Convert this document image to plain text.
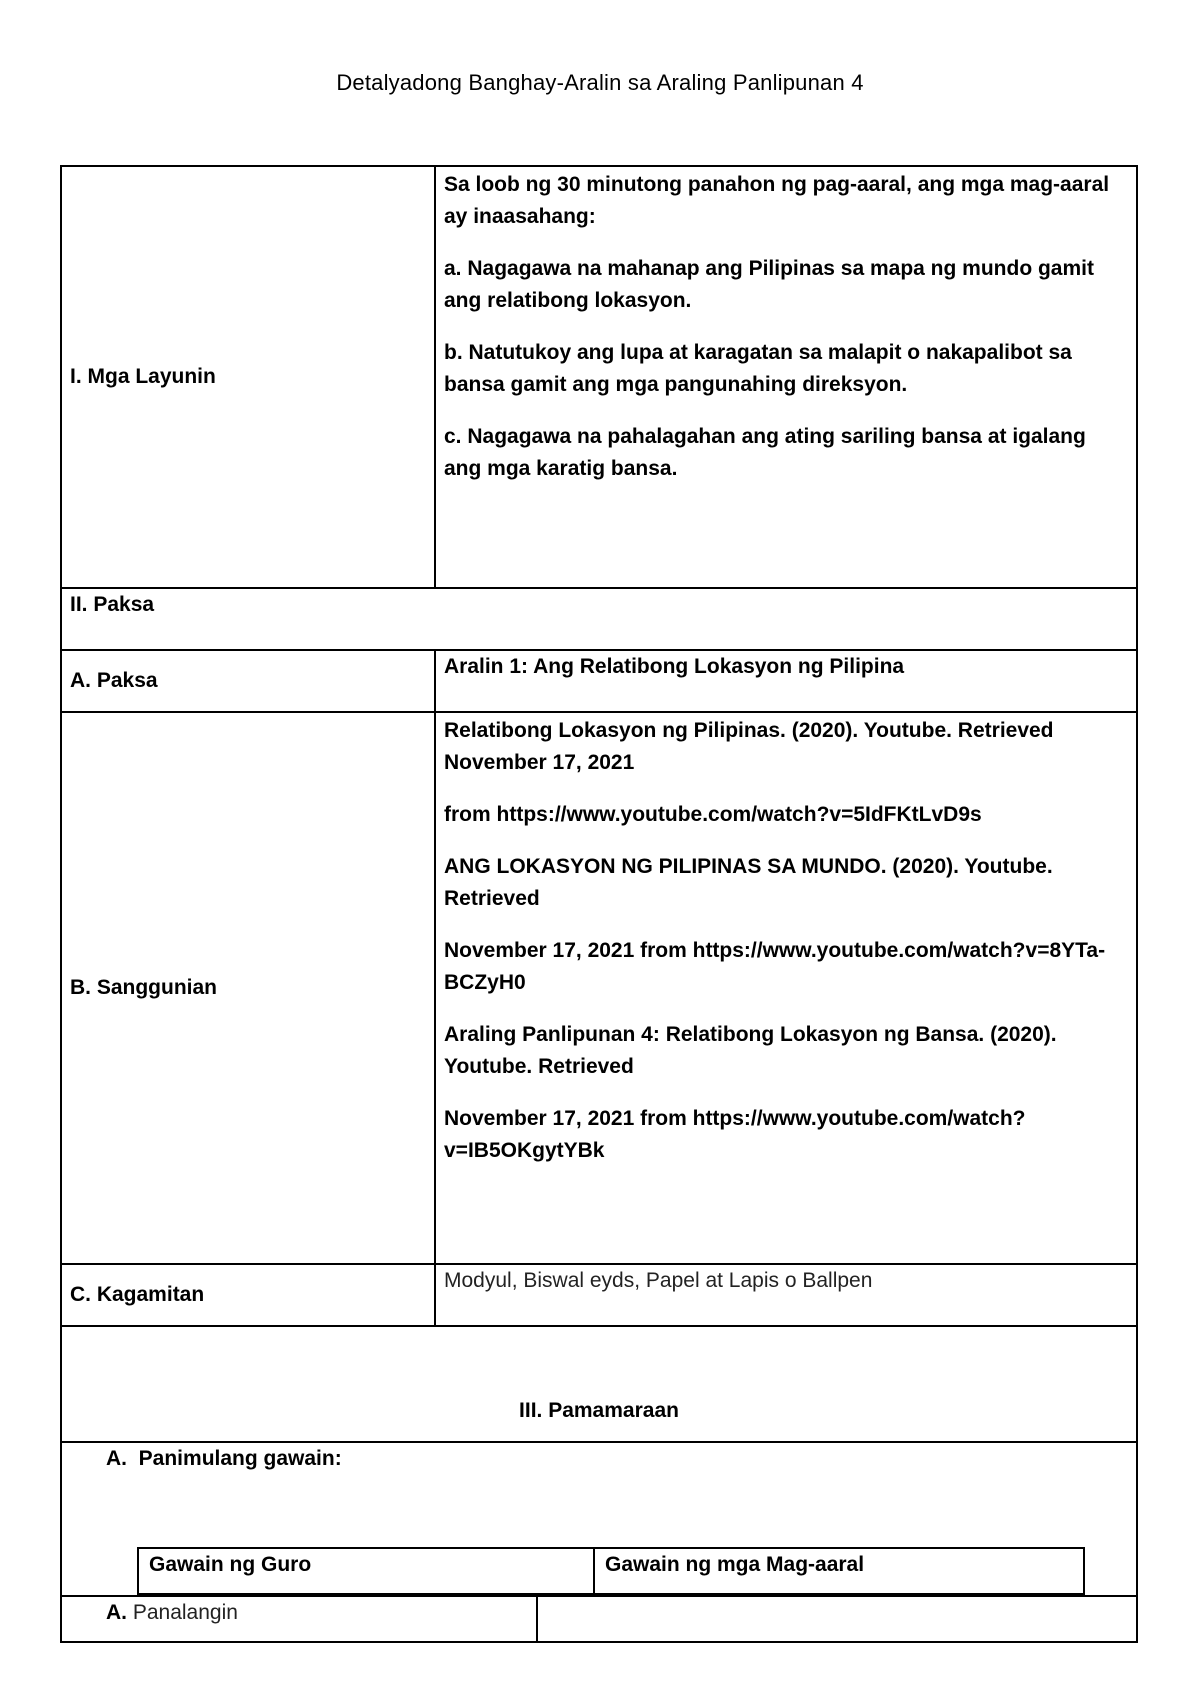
Detalyadong Banghay-Aralin sa Araling Panlipunan 4
I. Mga Layunin	

Sa loob ng 30 minutong panahon ng pag-aaral, ang mga mag-aaral ay inaasahang:

a. Nagagawa na mahanap ang Pilipinas sa mapa ng mundo gamit ang relatibong lokasyon.

b. Natutukoy ang lupa at karagatan sa malapit o nakapalibot sa bansa gamit ang mga pangunahing direksyon.

c. Nagagawa na pahalagahan ang ating sariling bansa at igalang ang mga karatig bansa.

II. Paksa
A. Paksa	Aralin 1: Ang Relatibong Lokasyon ng Pilipina
B. Sanggunian	

Relatibong Lokasyon ng Pilipinas. (2020). Youtube. Retrieved November 17, 2021

from https://www.youtube.com/watch?v=5IdFKtLvD9s

ANG LOKASYON NG PILIPINAS SA MUNDO. (2020). Youtube. Retrieved

November 17, 2021 from https://www.youtube.com/watch?v=8YTa-BCZyH0

Araling Panlipunan 4: Relatibong Lokasyon ng Bansa. (2020). Youtube. Retrieved

November 17, 2021 from https://www.youtube.com/watch?v=IB5OKgytYBk

C. Kagamitan	Modyul, Biswal eyds, Papel at Lapis o Ballpen
III. Pamamaraan

A. Panimulang gawain:
Gawain ng Guro	Gawain ng mga Mag-aaral

A. Panalangin	
